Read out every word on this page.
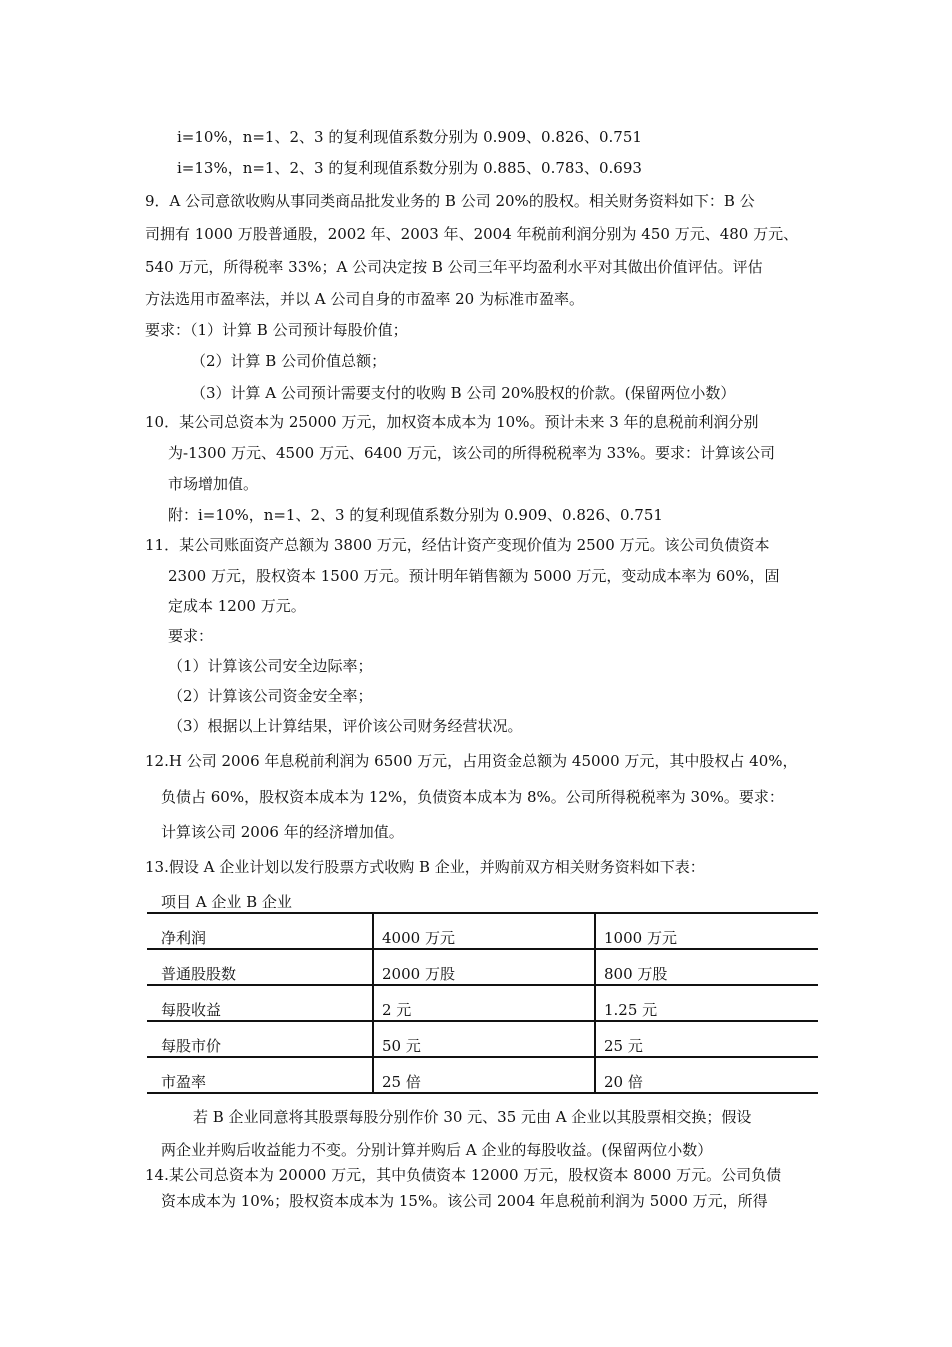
i=10%，n=1、2、3 的复利现值系数分别为 0.909、0.826、0.751
i=13%，n=1、2、3 的复利现值系数分别为 0.885、0.783、0.693
9．A 公司意欲收购从事同类商品批发业务的 B 公司 20%的股权。相关财务资料如下：B 公
司拥有 1000 万股普通股，2002 年、2003 年、2004 年税前利润分别为 450 万元、480 万元、
540 万元，所得税率 33%；A 公司决定按 B 公司三年平均盈利水平对其做出价值评估。评估
方法选用市盈率法，并以 A 公司自身的市盈率 20 为标准市盈率。
要求：（1）计算 B 公司预计每股价值；
（2）计算 B 公司价值总额；
（3）计算 A 公司预计需要支付的收购 B 公司 20%股权的价款。(保留两位小数）
10．某公司总资本为 25000 万元，加权资本成本为 10%。预计未来 3 年的息税前利润分别
为-1300 万元、4500 万元、6400 万元，该公司的所得税税率为 33%。要求：计算该公司
市场增加值。
附：i=10%，n=1、2、3 的复利现值系数分别为 0.909、0.826、0.751
11．某公司账面资产总额为 3800 万元，经估计资产变现价值为 2500 万元。该公司负债资本
2300 万元，股权资本 1500 万元。预计明年销售额为 5000 万元，变动成本率为 60%，固
定成本 1200 万元。
要求：
（1）计算该公司安全边际率；
（2）计算该公司资金安全率；
（3）根据以上计算结果，评价该公司财务经营状况。
12.H 公司 2006 年息税前利润为 6500 万元，占用资金总额为 45000 万元，其中股权占 40%，
负债占 60%，股权资本成本为 12%，负债资本成本为 8%。公司所得税税率为 30%。要求：
计算该公司 2006 年的经济增加值。
13.假设 A 企业计划以发行股票方式收购 B 企业，并购前双方相关财务资料如下表：
项目 A 企业 B 企业
净利润	4000 万元	1000 万元
普通股股数	2000 万股	800 万股
每股收益	2 元	1.25 元
每股市价	50 元	25 元
市盈率	25 倍	20 倍
若 B 企业同意将其股票每股分别作价 30 元、35 元由 A 企业以其股票相交换；假设
两企业并购后收益能力不变。分别计算并购后 A 企业的每股收益。(保留两位小数）
14.某公司总资本为 20000 万元，其中负债资本 12000 万元，股权资本 8000 万元。公司负债
资本成本为 10%；股权资本成本为 15%。该公司 2004 年息税前利润为 5000 万元，所得
